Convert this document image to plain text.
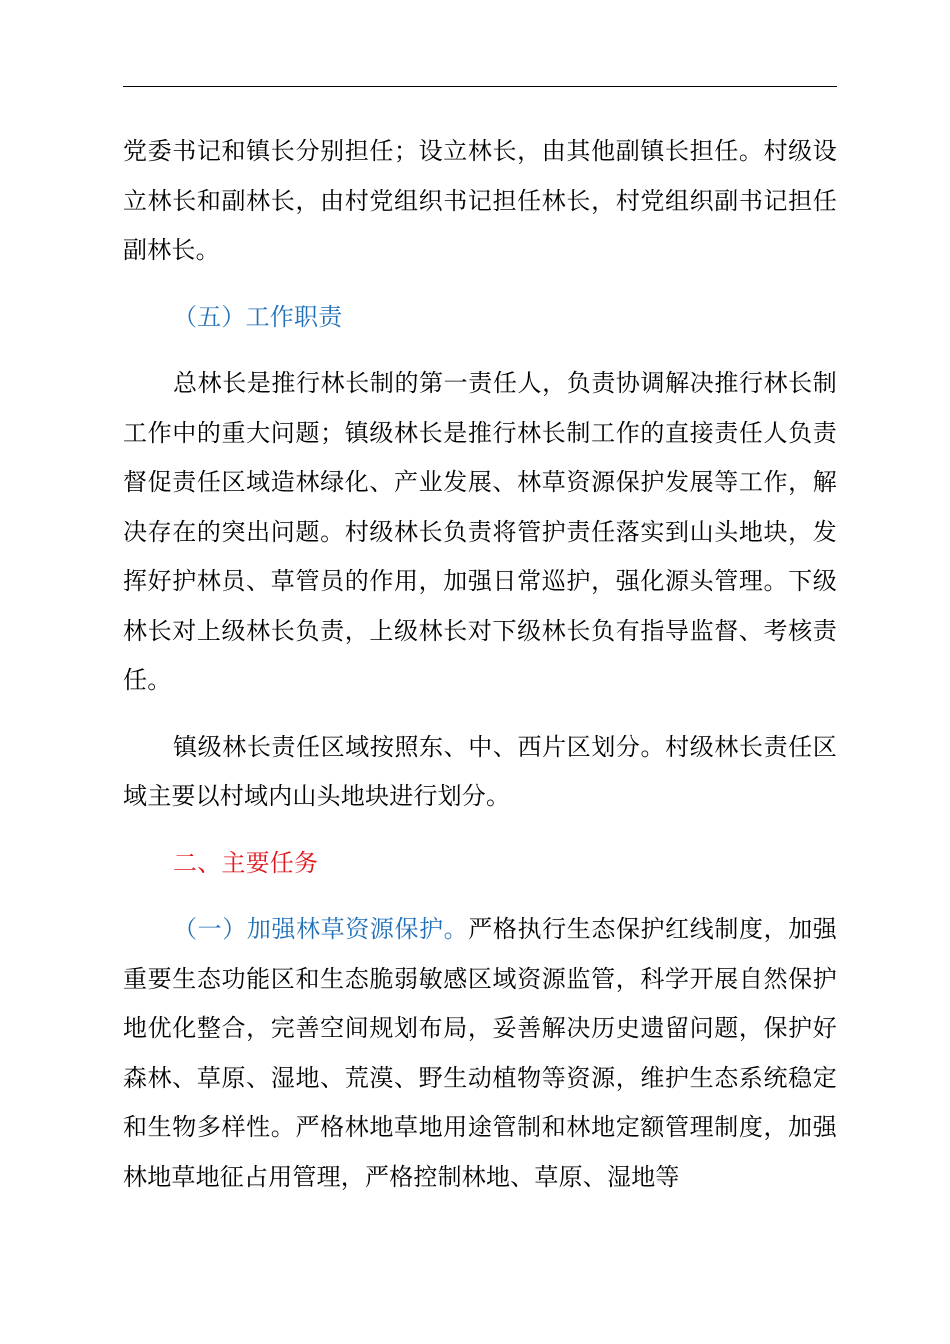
党委书记和镇长分别担任；设立林长，由其他副镇长担任。村级设立林长和副林长，由村党组织书记担任林长，村党组织副书记担任副林长。

（五）工作职责

总林长是推行林长制的第一责任人，负责协调解决推行林长制工作中的重大问题；镇级林长是推行林长制工作的直接责任人负责督促责任区域造林绿化、产业发展、林草资源保护发展等工作，解决存在的突出问题。村级林长负责将管护责任落实到山头地块，发挥好护林员、草管员的作用，加强日常巡护，强化源头管理。下级林长对上级林长负责，上级林长对下级林长负有指导监督、考核责任。

镇级林长责任区域按照东、中、西片区划分。村级林长责任区域主要以村域内山头地块进行划分。

二、主要任务

（一）加强林草资源保护。严格执行生态保护红线制度，加强重要生态功能区和生态脆弱敏感区域资源监管，科学开展自然保护地优化整合，完善空间规划布局，妥善解决历史遗留问题，保护好森林、草原、湿地、荒漠、野生动植物等资源，维护生态系统稳定和生物多样性。严格林地草地用途管制和林地定额管理制度，加强林地草地征占用管理，严格控制林地、草原、湿地等
